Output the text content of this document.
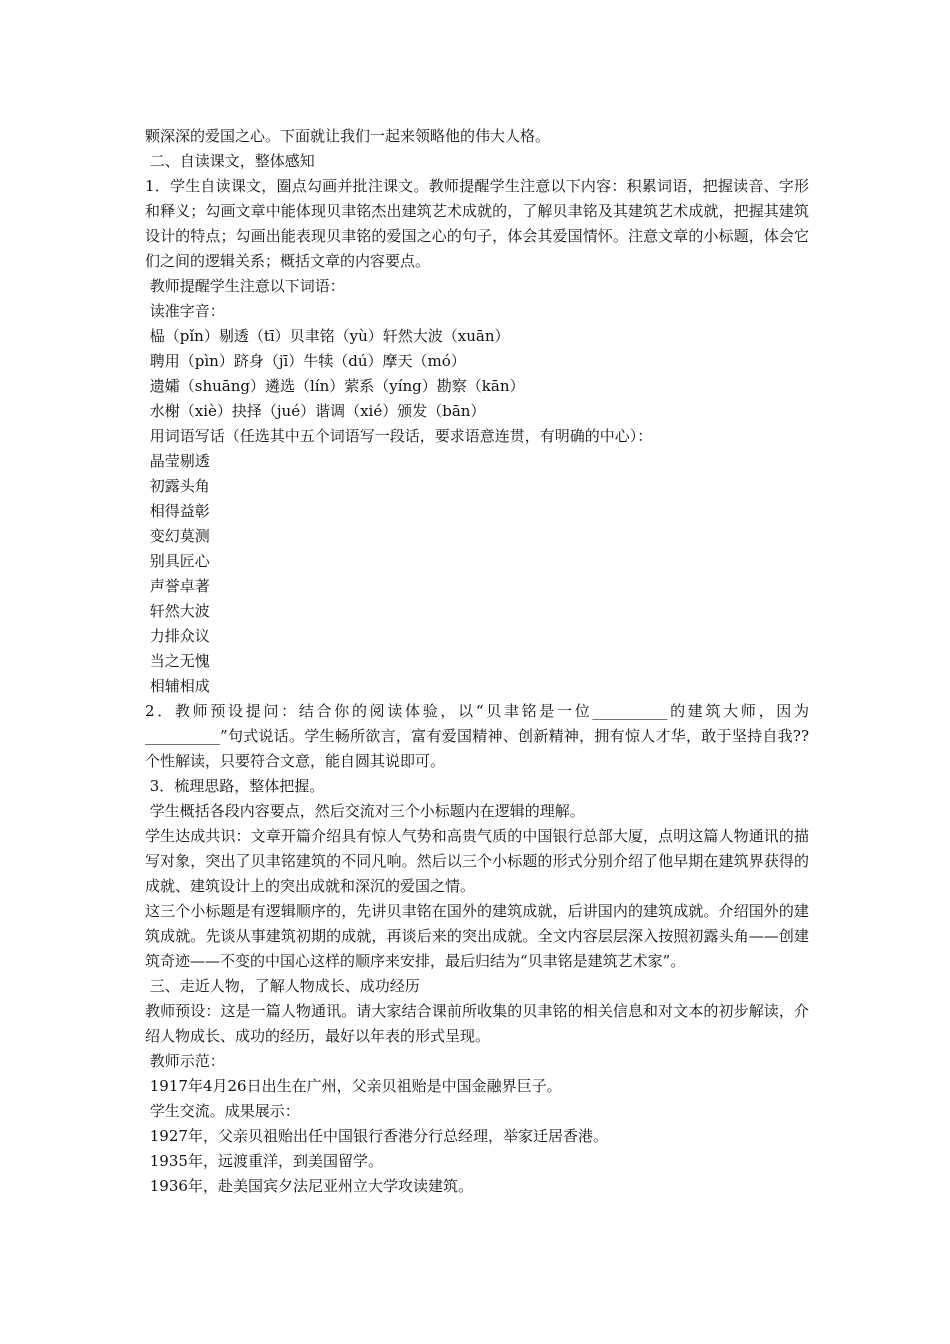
颗深深的爱国之心。下面就让我们一起来领略他的伟大人格。
二、自读课文，整体感知
1．学生自读课文，圈点勾画并批注课文。教师提醒学生注意以下内容：积累词语，把握读音、字形和释义；勾画文章中能体现贝聿铭杰出建筑艺术成就的，了解贝聿铭及其建筑艺术成就，把握其建筑设计的特点；勾画出能表现贝聿铭的爱国之心的句子，体会其爱国情怀。注意文章的小标题，体会它们之间的逻辑关系；概括文章的内容要点。
教师提醒学生注意以下词语：
读准字音：
榀（pǐn）剔透（tī）贝聿铭（yù）轩然大波（xuān）
聘用（pìn）跻身（jī）牛犊（dú）摩天（mó）
遗孀（shuāng）遴选（lín）萦系（yíng）勘察（kān）
水榭（xiè）抉择（jué）谐调（xié）颁发（bān）
用词语写话（任选其中五个词语写一段话，要求语意连贯，有明确的中心）：
晶莹剔透
初露头角
相得益彰
变幻莫测
别具匠心
声誉卓著
轩然大波
力排众议
当之无愧
相辅相成
2．教师预设提问：结合你的阅读体验，以“贝聿铭是一位__________的建筑大师，因为__________”句式说话。学生畅所欲言，富有爱国精神、创新精神，拥有惊人才华，敢于坚持自我??个性解读，只要符合文意，能自圆其说即可。
3．梳理思路，整体把握。
学生概括各段内容要点，然后交流对三个小标题内在逻辑的理解。
学生达成共识：文章开篇介绍具有惊人气势和高贵气质的中国银行总部大厦，点明这篇人物通讯的描写对象，突出了贝聿铭建筑的不同凡响。然后以三个小标题的形式分别介绍了他早期在建筑界获得的成就、建筑设计上的突出成就和深沉的爱国之情。
这三个小标题是有逻辑顺序的，先讲贝聿铭在国外的建筑成就，后讲国内的建筑成就。介绍国外的建筑成就。先谈从事建筑初期的成就，再谈后来的突出成就。全文内容层层深入按照初露头角——创建筑奇迹——不变的中国心这样的顺序来安排，最后归结为“贝聿铭是建筑艺术家”。
三、走近人物，了解人物成长、成功经历
教师预设：这是一篇人物通讯。请大家结合课前所收集的贝聿铭的相关信息和对文本的初步解读，介绍人物成长、成功的经历，最好以年表的形式呈现。
教师示范：
1917年4月26日出生在广州，父亲贝祖贻是中国金融界巨子。
学生交流。成果展示：
1927年，父亲贝祖贻出任中国银行香港分行总经理，举家迁居香港。
1935年，远渡重洋，到美国留学。
1936年，赴美国宾夕法尼亚州立大学攻读建筑。
